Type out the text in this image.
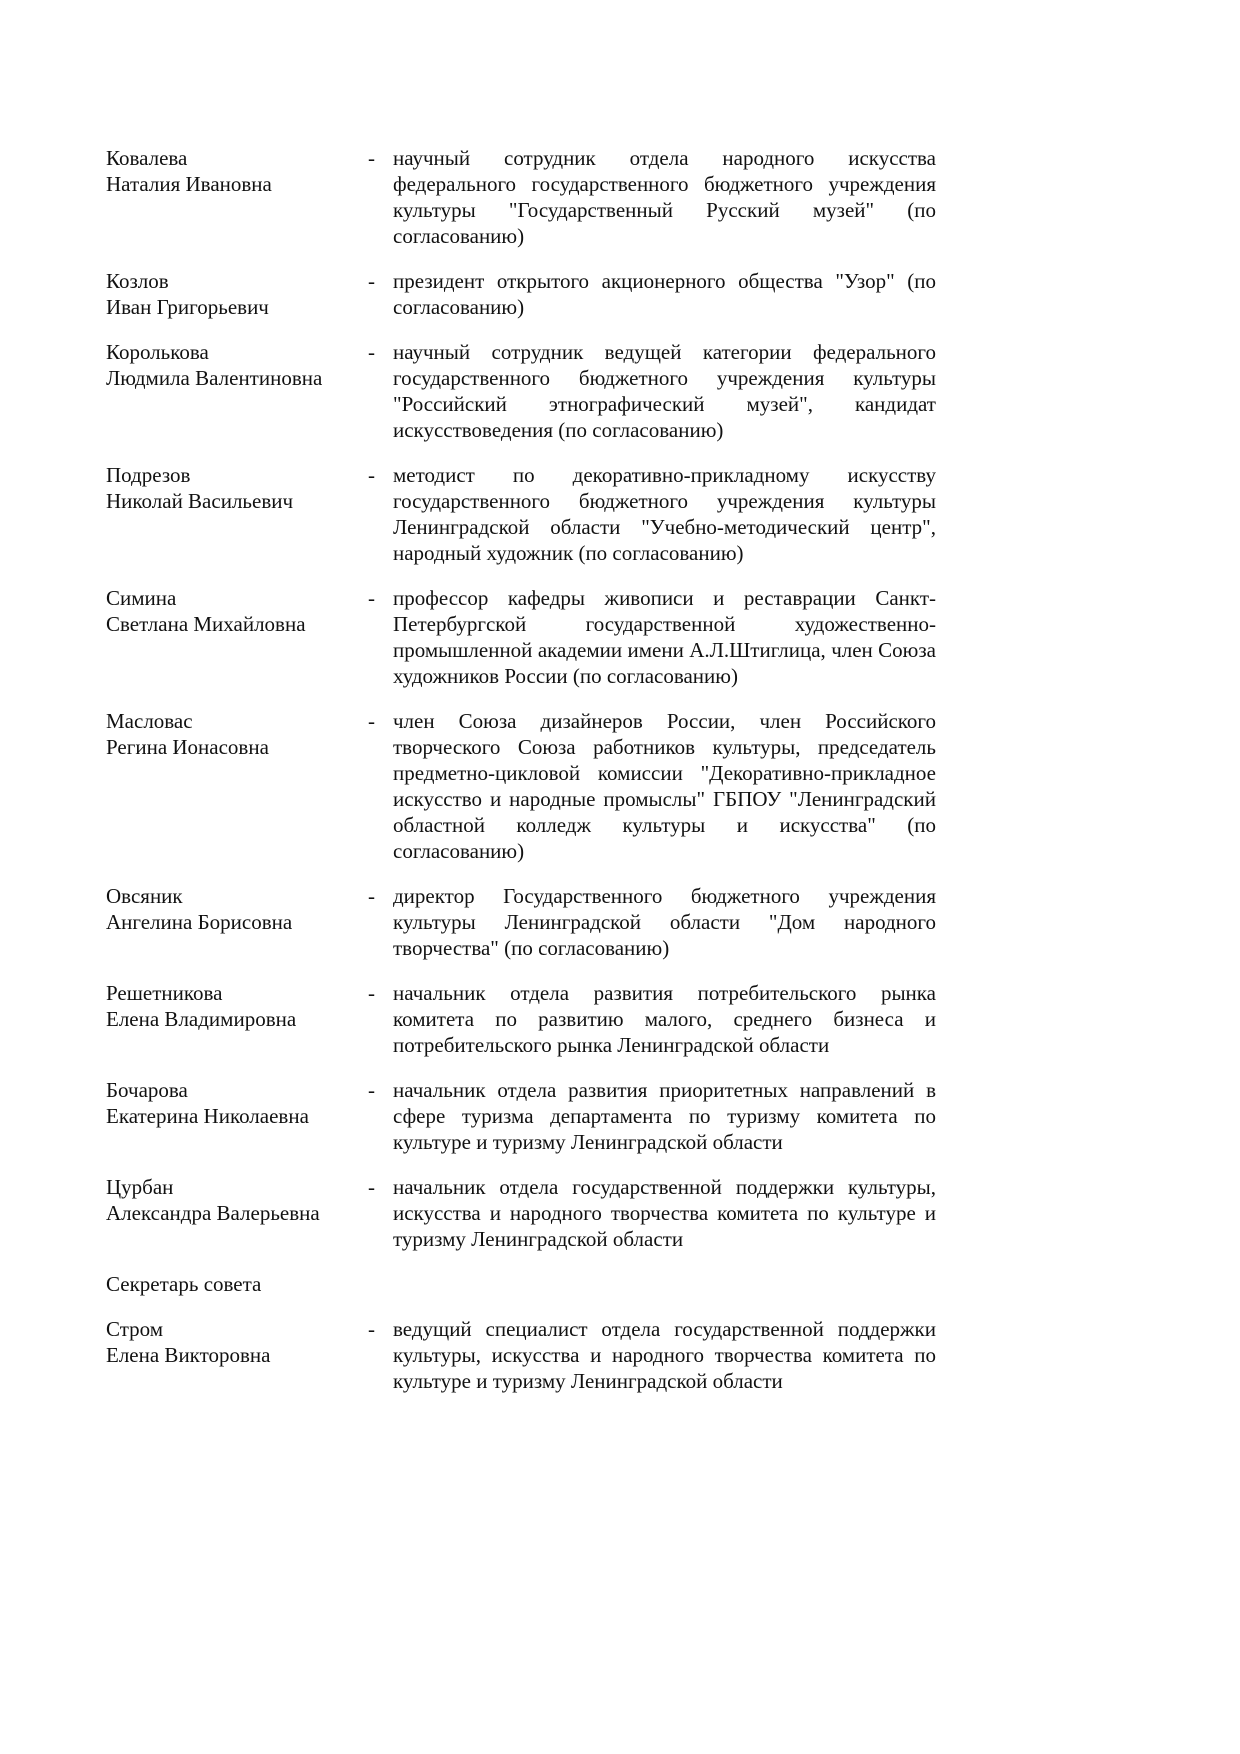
Ковалева
Наталия Ивановна
- научный сотрудник отдела народного искусства федерального государственного бюджетного учреждения культуры "Государственный Русский музей" (по согласованию)
Козлов
Иван Григорьевич
- президент открытого акционерного общества "Узор" (по согласованию)
Королькова
Людмила Валентиновна
- научный сотрудник ведущей категории федерального государственного бюджетного учреждения культуры "Российский этнографический музей", кандидат искусствоведения (по согласованию)
Подрезов
Николай Васильевич
- методист по декоративно-прикладному искусству государственного бюджетного учреждения культуры Ленинградской области "Учебно-методический центр", народный художник (по согласованию)
Симина
Светлана Михайловна
- профессор кафедры живописи и реставрации Санкт-Петербургской государственной художественно-промышленной академии имени А.Л.Штиглица, член Союза художников России (по согласованию)
Масловас
Регина Ионасовна
- член Союза дизайнеров России, член Российского творческого Союза работников культуры, председатель предметно-цикловой комиссии "Декоративно-прикладное искусство и народные промыслы" ГБПОУ "Ленинградский областной колледж культуры и искусства" (по согласованию)
Овсяник
Ангелина Борисовна
- директор Государственного бюджетного учреждения культуры Ленинградской области "Дом народного творчества" (по согласованию)
Решетникова
Елена Владимировна
- начальник отдела развития потребительского рынка комитета по развитию малого, среднего бизнеса и потребительского рынка Ленинградской области
Бочарова
Екатерина Николаевна
- начальник отдела развития приоритетных направлений в сфере туризма департамента по туризму комитета по культуре и туризму Ленинградской области
Цурбан
Александра Валерьевна
- начальник отдела государственной поддержки культуры, искусства и народного творчества комитета по культуре и туризму Ленинградской области
Секретарь совета
Стром
Елена Викторовна
- ведущий специалист отдела государственной поддержки культуры, искусства и народного творчества комитета по культуре и туризму Ленинградской области
